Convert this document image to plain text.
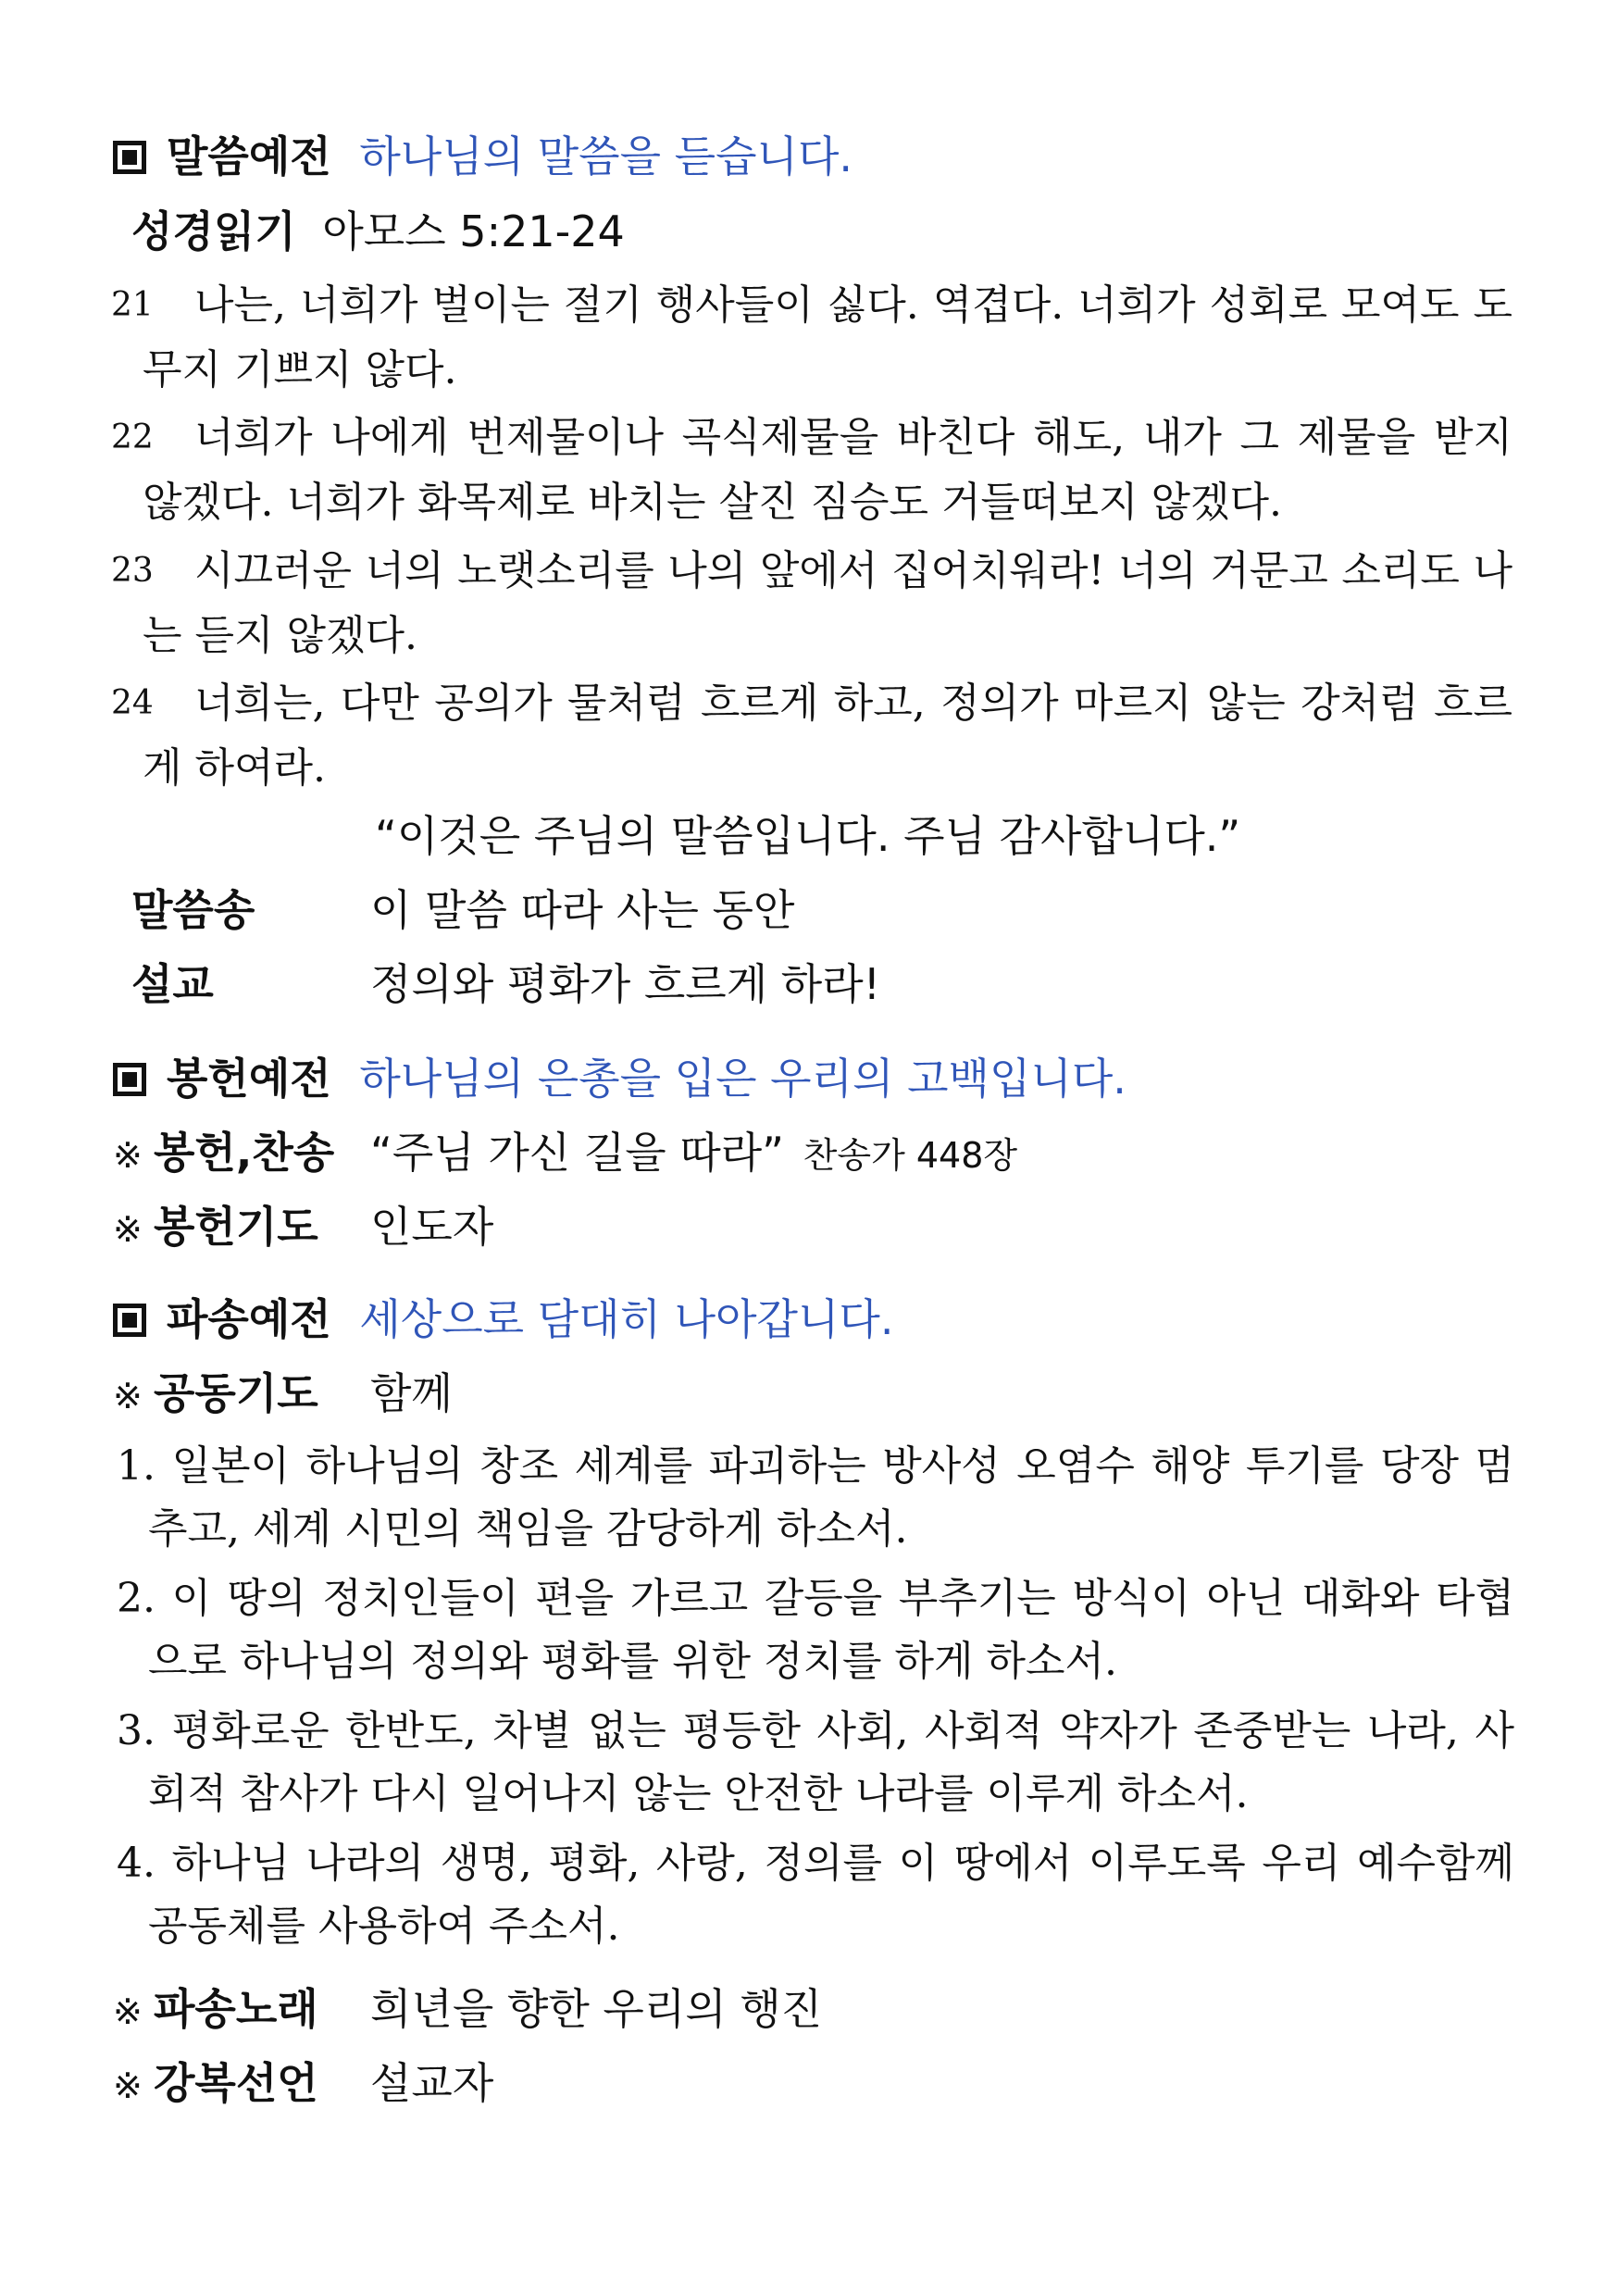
말씀예전 하나님의 말씀을 듣습니다.
성경읽기 아모스 5:21-24
21	나는, 너희가 벌이는 절기 행사들이 싫다. 역겹다. 너희가 성회로 모여도 도무지 기쁘지 않다.
22	너희가 나에게 번제물이나 곡식제물을 바친다 해도, 내가 그 제물을 받지 않겠다. 너희가 화목제로 바치는 살진 짐승도 거들떠보지 않겠다.
23	시끄러운 너의 노랫소리를 나의 앞에서 집어치워라! 너의 거문고 소리도 나는 듣지 않겠다.
24	너희는, 다만 공의가 물처럼 흐르게 하고, 정의가 마르지 않는 강처럼 흐르게 하여라.
“이것은 주님의 말씀입니다. 주님 감사합니다.”
말씀송	이 말씀 따라 사는 동안
설교	정의와 평화가 흐르게 하라!
봉헌예전 하나님의 은총을 입은 우리의 고백입니다.
※ 봉헌,찬송 “주님 가신 길을 따라” 찬송가 448장
※ 봉헌기도 인도자
파송예전 세상으로 담대히 나아갑니다.
※ 공동기도 함께
1. 일본이 하나님의 창조 세계를 파괴하는 방사성 오염수 해양 투기를 당장 멈추고, 세계 시민의 책임을 감당하게 하소서.
2. 이 땅의 정치인들이 편을 가르고 갈등을 부추기는 방식이 아닌 대화와 타협으로 하나님의 정의와 평화를 위한 정치를 하게 하소서.
3. 평화로운 한반도, 차별 없는 평등한 사회, 사회적 약자가 존중받는 나라, 사회적 참사가 다시 일어나지 않는 안전한 나라를 이루게 하소서.
4. 하나님 나라의 생명, 평화, 사랑, 정의를 이 땅에서 이루도록 우리 예수함께공동체를 사용하여 주소서.
※ 파송노래 희년을 향한 우리의 행진
※ 강복선언 설교자
